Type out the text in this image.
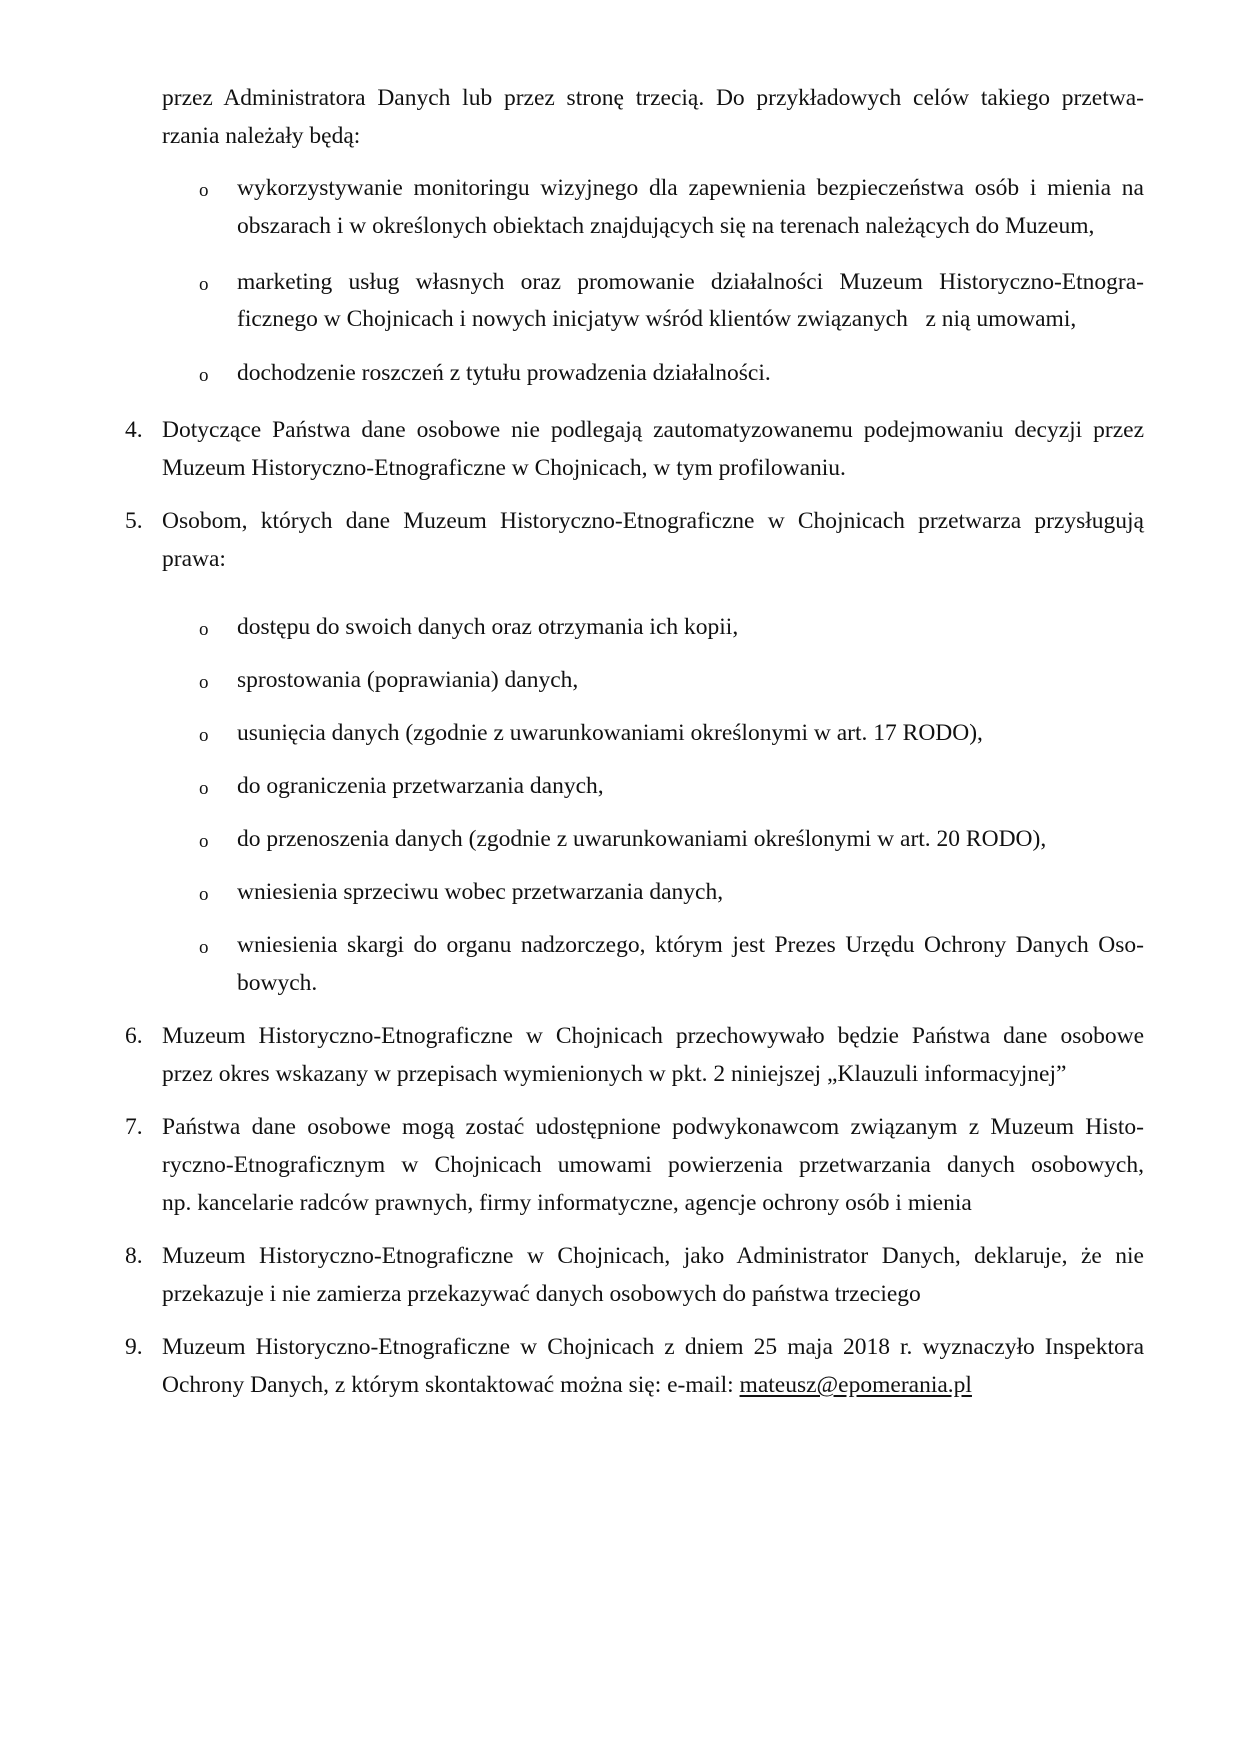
przez Administratora Danych lub przez stronę trzecią. Do przykładowych celów takiego przetwa-
rzania należały będą:
o wykorzystywanie monitoringu wizyjnego dla zapewnienia bezpieczeństwa osób i mienia na
obszarach i w określonych obiektach znajdujących się na terenach należących do Muzeum,
o marketing usług własnych oraz promowanie działalności Muzeum Historyczno-Etnogra-
ficznego w Chojnicach i nowych inicjatyw wśród klientów związanych   z nią umowami,
o dochodzenie roszczeń z tytułu prowadzenia działalności.
4. Dotyczące Państwa dane osobowe nie podlegają zautomatyzowanemu podejmowaniu decyzji przez
Muzeum Historyczno-Etnograficzne w Chojnicach, w tym profilowaniu.
5. Osobom, których dane Muzeum Historyczno-Etnograficzne w Chojnicach przetwarza przysługują
prawa:
o dostępu do swoich danych oraz otrzymania ich kopii,
o sprostowania (poprawiania) danych,
o usunięcia danych (zgodnie z uwarunkowaniami określonymi w art. 17 RODO),
o do ograniczenia przetwarzania danych,
o do przenoszenia danych (zgodnie z uwarunkowaniami określonymi w art. 20 RODO),
o wniesienia sprzeciwu wobec przetwarzania danych,
o wniesienia skargi do organu nadzorczego, którym jest Prezes Urzędu Ochrony Danych Oso-
bowych.
6. Muzeum Historyczno-Etnograficzne w Chojnicach przechowywało będzie Państwa dane osobowe
przez okres wskazany w przepisach wymienionych w pkt. 2 niniejszej „Klauzuli informacyjnej”
7. Państwa dane osobowe mogą zostać udostępnione podwykonawcom związanym z Muzeum Histo-
ryczno-Etnograficznym w Chojnicach umowami powierzenia przetwarzania danych osobowych,
np. kancelarie radców prawnych, firmy informatyczne, agencje ochrony osób i mienia
8. Muzeum Historyczno-Etnograficzne w Chojnicach, jako Administrator Danych, deklaruje, że nie
przekazuje i nie zamierza przekazywać danych osobowych do państwa trzeciego
9. Muzeum Historyczno-Etnograficzne w Chojnicach z dniem 25 maja 2018 r. wyznaczyło Inspektora
Ochrony Danych, z którym skontaktować można się: e-mail: mateusz@epomerania.pl
